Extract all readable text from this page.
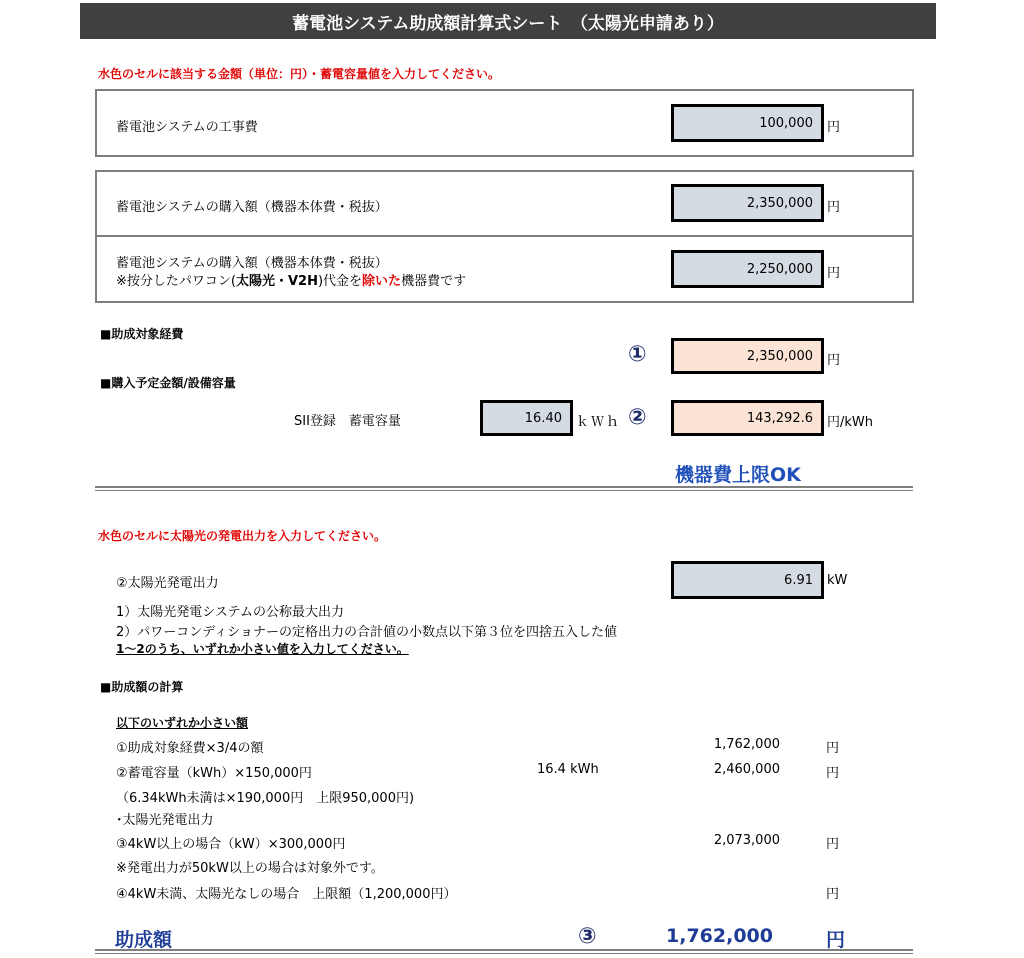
蓄電池システム助成額計算式シート　（太陽光申請あり）
水色のセルに該当する金額（単位：円）・蓄電容量値を入力してください。
蓄電池システムの工事費	100,000	円
蓄電池システムの購入額（機器本体費・税抜）	2,350,000	円
蓄電池システムの購入額（機器本体費・税抜）
※按分したパワコン(太陽光・V2H)代金を除いた機器費です
2,250,000	円
■助成対象経費
①	2,350,000	円
■購入予定金額/設備容量
SII登録　蓄電容量	16.40	ｋＷｈ ②	143,292.6	円/kWh
機器費上限OK
水色のセルに太陽光の発電出力を入力してください。
②太陽光発電出力	6.91	kW
1）太陽光発電システムの公称最大出力
2）パワーコンディショナーの定格出力の合計値の小数点以下第３位を四捨五入した値
1～2のうち、いずれか小さい値を入力してください。
■助成額の計算
以下のいずれか小さい額
①助成対象経費×3/4の額	1,762,000	円
②蓄電容量（kWh）×150,000円	16.4 kWh	2,460,000	円
（6.34kWh未満は×190,000円　上限950,000円)
･太陽光発電出力
③4kW以上の場合（kW）×300,000円	2,073,000	円
※発電出力が50kW以上の場合は対象外です。
④4kW未満、太陽光なしの場合　上限額（1,200,000円）	円
助成額	③	1,762,000	円
